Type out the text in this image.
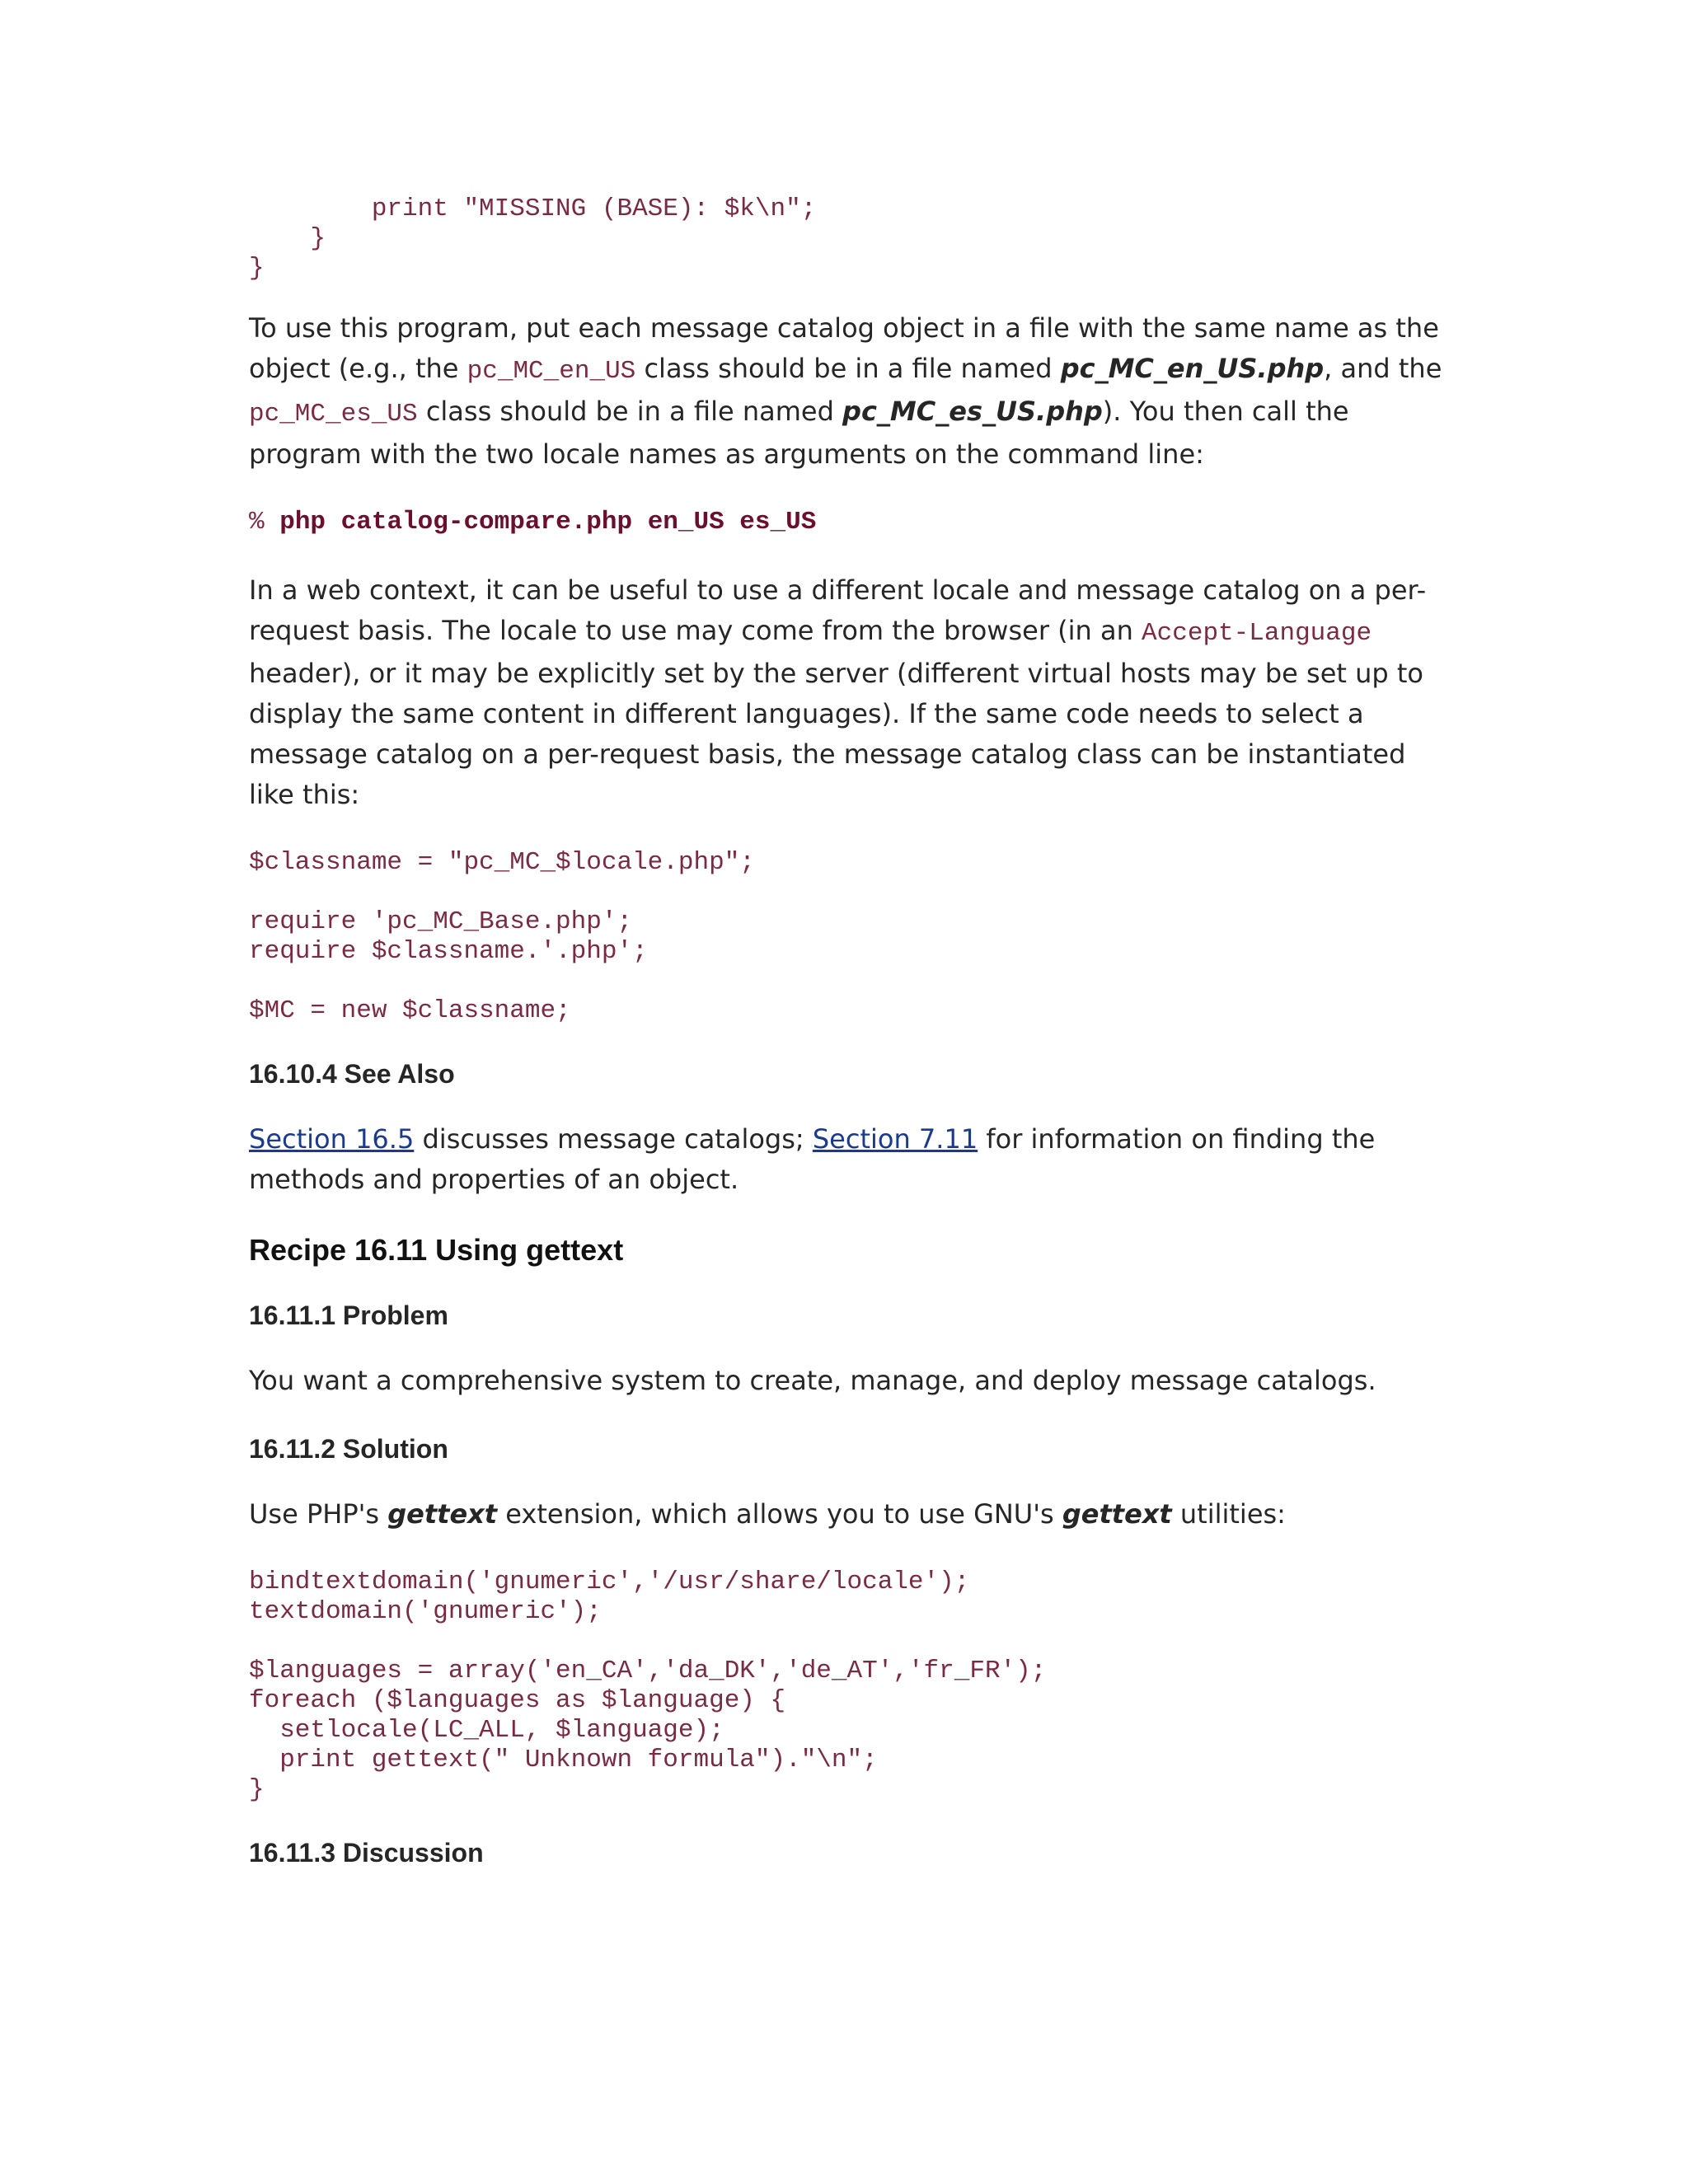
print "MISSING (BASE): $k\n";
}
}

To use this program, put each message catalog object in a file with the same name as the object (e.g., the pc_MC_en_US class should be in a file named pc_MC_en_US.php, and the pc_MC_es_US class should be in a file named pc_MC_es_US.php). You then call the program with the two locale names as arguments on the command line:

% php catalog-compare.php en_US es_US

In a web context, it can be useful to use a different locale and message catalog on a per-request basis. The locale to use may come from the browser (in an Accept-Language header), or it may be explicitly set by the server (different virtual hosts may be set up to display the same content in different languages). If the same code needs to select a message catalog on a per-request basis, the message catalog class can be instantiated like this:

$classname = "pc_MC_$locale.php";
require 'pc_MC_Base.php';
require $classname.'.php';
$MC = new $classname;
16.10.4 See Also

Section 16.5 discusses message catalogs; Section 7.11 for information on finding the methods and properties of an object.

Recipe 16.11 Using gettext
16.11.1 Problem

You want a comprehensive system to create, manage, and deploy message catalogs.

16.11.2 Solution

Use PHP's gettext extension, which allows you to use GNU's gettext utilities:

bindtextdomain('gnumeric','/usr/share/locale');
textdomain('gnumeric');
$languages = array('en_CA','da_DK','de_AT','fr_FR');
foreach ($languages as $language) {
setlocale(LC_ALL, $language);
print gettext(" Unknown formula")."\n";
}
16.11.3 Discussion
